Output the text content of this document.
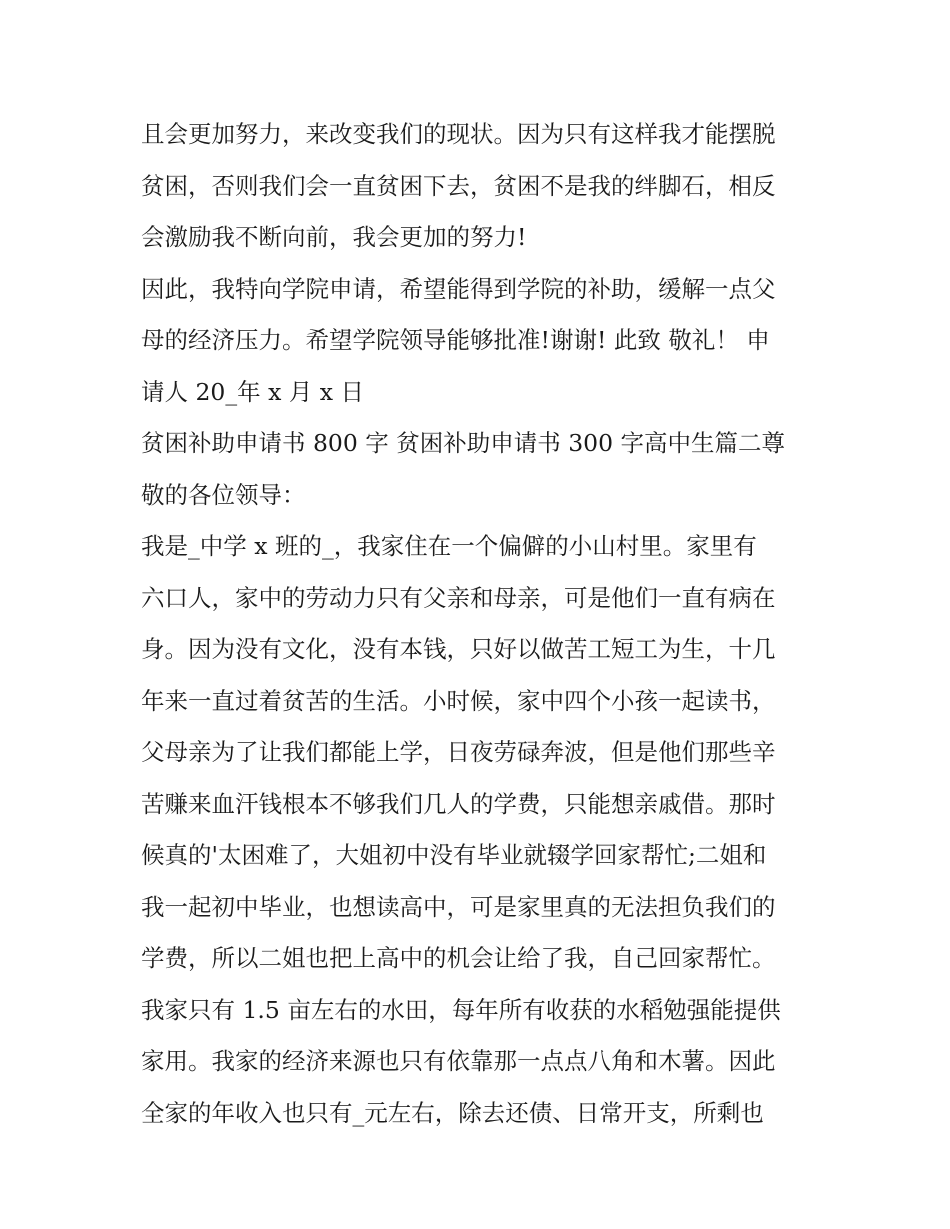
且会更加努力，来改变我们的现状。因为只有这样我才能摆脱
贫困，否则我们会一直贫困下去，贫困不是我的绊脚石，相反
会激励我不断向前，我会更加的努力!
因此，我特向学院申请，希望能得到学院的补助，缓解一点父
母的经济压力。希望学院领导能够批准!谢谢! 此致 敬礼！ 申
请人 20_年 x 月 x 日
贫困补助申请书 800 字 贫困补助申请书 300 字高中生篇二尊
敬的各位领导：
我是_中学 x 班的_，我家住在一个偏僻的小山村里。家里有
六口人，家中的劳动力只有父亲和母亲，可是他们一直有病在
身。因为没有文化，没有本钱，只好以做苦工短工为生，十几
年来一直过着贫苦的生活。小时候，家中四个小孩一起读书，
父母亲为了让我们都能上学，日夜劳碌奔波，但是他们那些辛
苦赚来血汗钱根本不够我们几人的学费，只能想亲戚借。那时
候真的'太困难了，大姐初中没有毕业就辍学回家帮忙;二姐和
我一起初中毕业，也想读高中，可是家里真的无法担负我们的
学费，所以二姐也把上高中的机会让给了我，自己回家帮忙。
我家只有 1.5 亩左右的水田，每年所有收获的水稻勉强能提供
家用。我家的经济来源也只有依靠那一点点八角和木薯。因此
全家的年收入也只有_元左右，除去还债、日常开支，所剩也
